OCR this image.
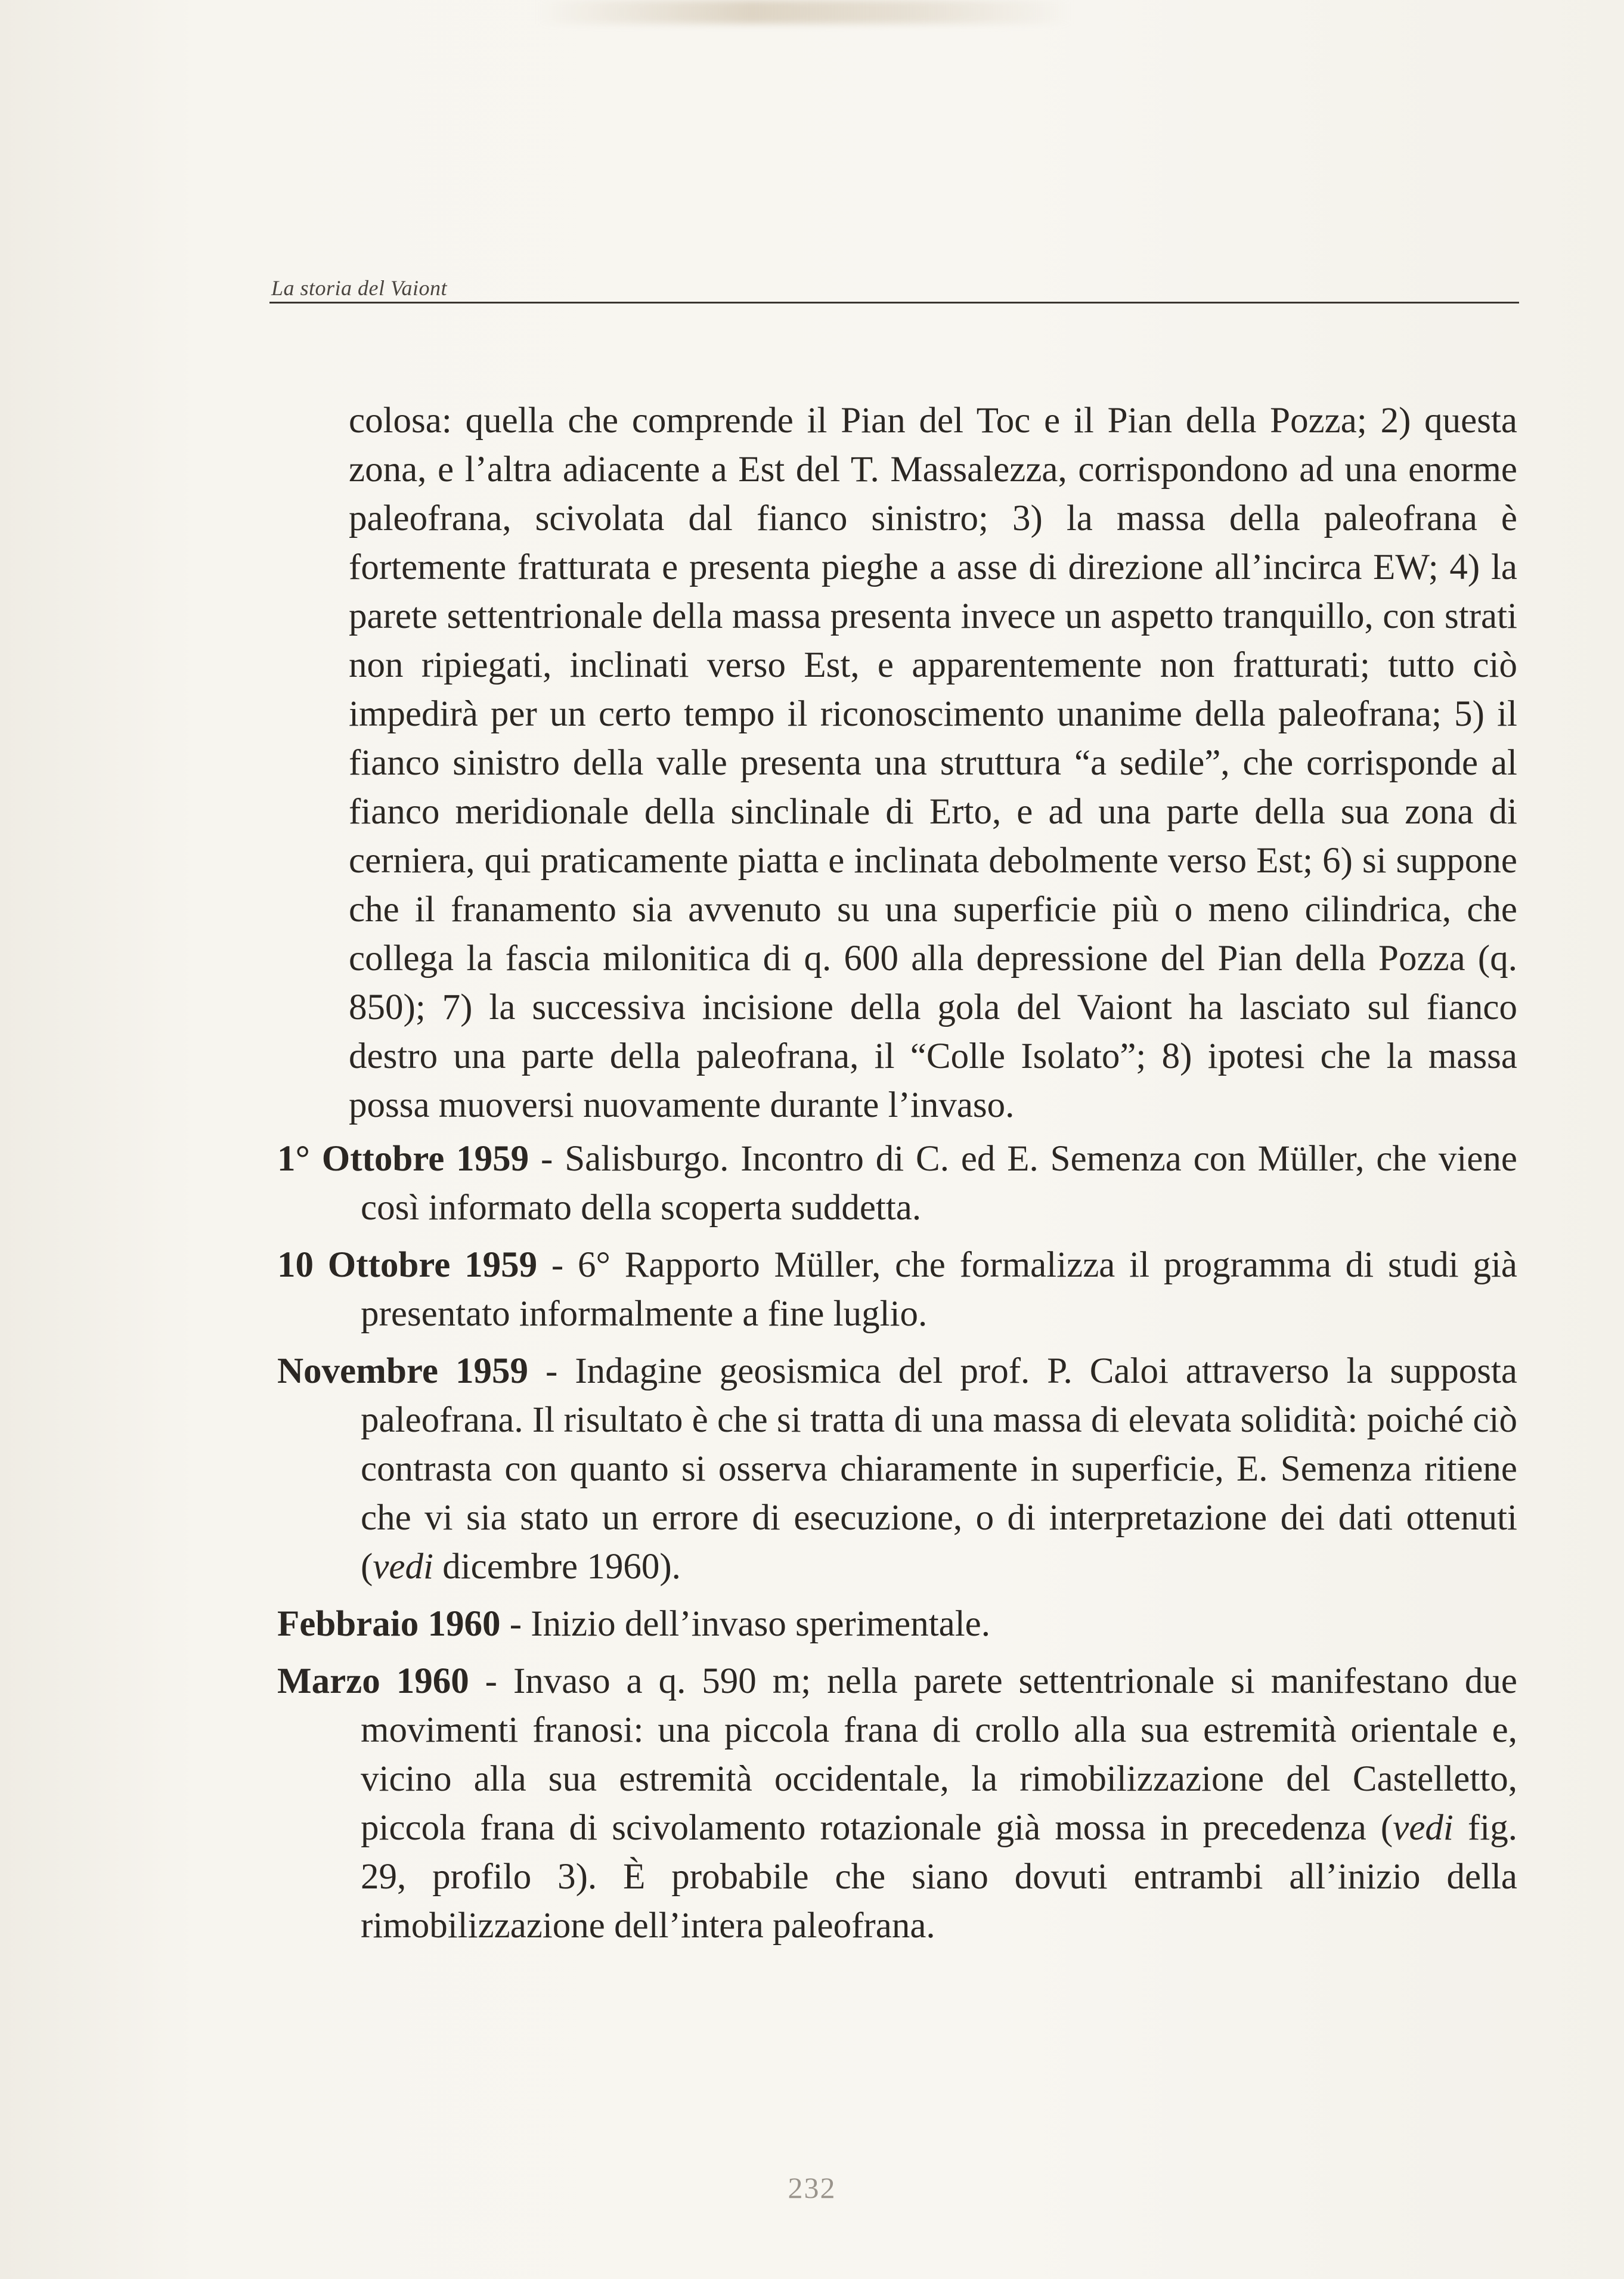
La storia del Vaiont

colosa: quella che comprende il Pian del Toc e il Pian della Pozza; 2) questa zona, e l’altra adiacente a Est del T. Massalezza, corrispondono ad una enorme paleofrana, scivolata dal fianco sinistro; 3) la massa della paleofrana è fortemente fratturata e presenta pieghe a asse di direzione all’incirca EW; 4) la parete settentrionale della massa presenta invece un aspetto tranquillo, con strati non ripiegati, inclinati verso Est, e apparentemente non fratturati; tutto ciò impedirà per un certo tempo il riconoscimento unanime della paleofrana; 5) il fianco sinistro della valle presenta una struttura “a sedile”, che corrisponde al fianco meridionale della sinclinale di Erto, e ad una parte della sua zona di cerniera, qui praticamente piatta e inclinata debolmente verso Est; 6) si suppone che il franamento sia avvenuto su una superficie più o meno cilindrica, che collega la fascia milonitica di q. 600 alla depressione del Pian della Pozza (q. 850); 7) la successiva incisione della gola del Vaiont ha lasciato sul fianco destro una parte della paleofrana, il “Colle Isolato”; 8) ipotesi che la massa possa muoversi nuovamente durante l’invaso.

1° Ottobre 1959 - Salisburgo. Incontro di C. ed E. Semenza con Müller, che viene così informato della scoperta suddetta.

10 Ottobre 1959 - 6° Rapporto Müller, che formalizza il programma di studi già presentato informalmente a fine luglio.

Novembre 1959 - Indagine geosismica del prof. P. Caloi attraverso la supposta paleofrana. Il risultato è che si tratta di una massa di elevata solidità: poiché ciò contrasta con quanto si osserva chiaramente in superficie, E. Semenza ritiene che vi sia stato un errore di esecuzione, o di interpretazione dei dati ottenuti (vedi dicembre 1960).

Febbraio 1960 - Inizio dell’invaso sperimentale.

Marzo 1960 - Invaso a q. 590 m; nella parete settentrionale si manifestano due movimenti franosi: una piccola frana di crollo alla sua estremità orientale e, vicino alla sua estremità occidentale, la rimobilizzazione del Castelletto, piccola frana di scivolamento rotazionale già mossa in precedenza (vedi fig. 29, profilo 3). È probabile che siano dovuti entrambi all’inizio della rimobilizzazione dell’intera paleofrana.

232
